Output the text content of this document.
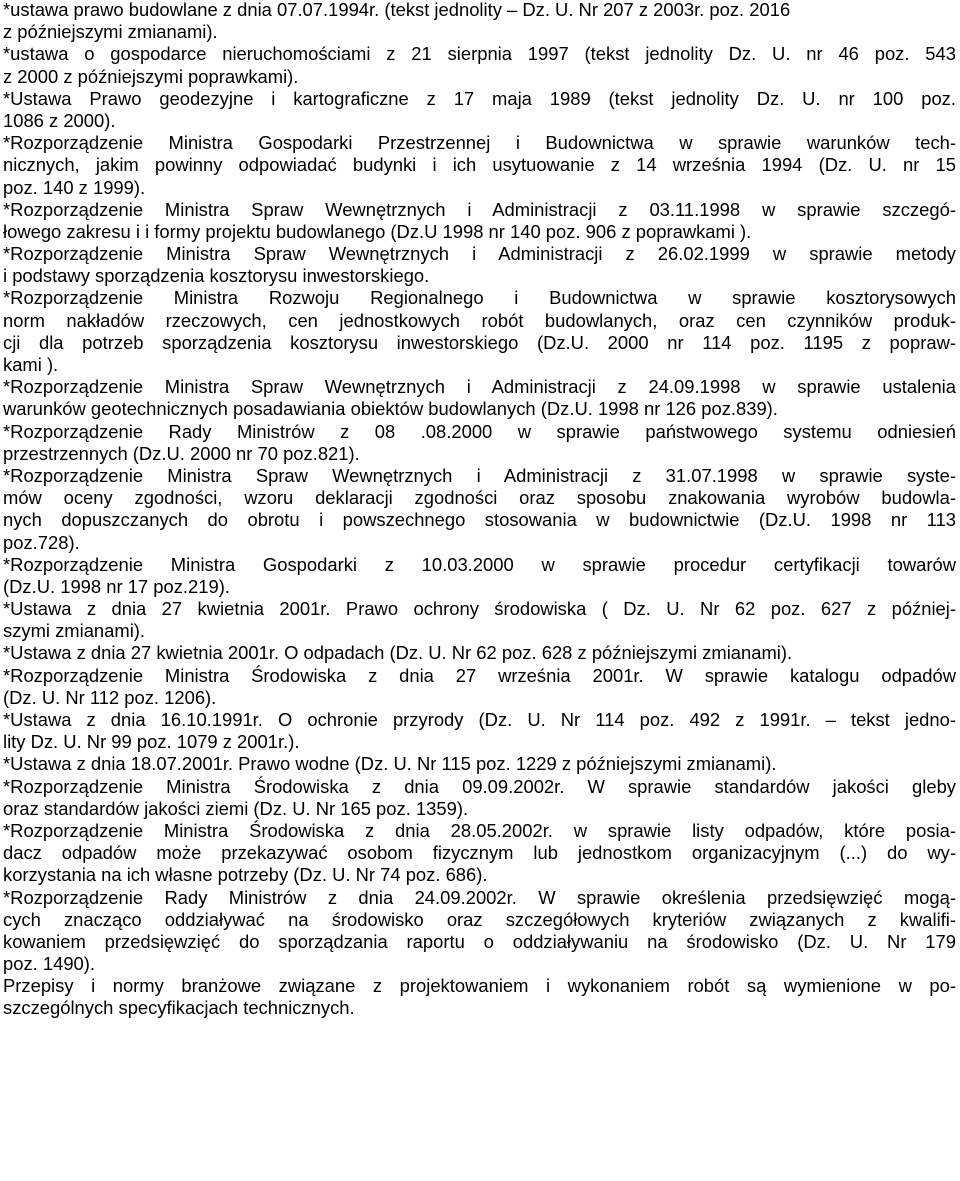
*ustawa prawo budowlane z dnia 07.07.1994r. (tekst jednolity – Dz. U. Nr 207 z 2003r. poz. 2016
z późniejszymi zmianami).
*ustawa o gospodarce nieruchomościami z 21 sierpnia 1997 (tekst jednolity Dz. U. nr 46 poz. 543
z 2000 z późniejszymi poprawkami).
*Ustawa Prawo geodezyjne i kartograficzne z 17 maja 1989 (tekst jednolity Dz. U. nr 100 poz.
1086 z 2000).
*Rozporządzenie Ministra Gospodarki Przestrzennej i Budownictwa w sprawie warunków tech-
nicznych, jakim powinny odpowiadać budynki i ich usytuowanie z 14 września 1994 (Dz. U. nr 15
poz. 140 z 1999).
*Rozporządzenie Ministra Spraw Wewnętrznych i Administracji z 03.11.1998 w sprawie szczegó-
łowego zakresu i i formy projektu budowlanego (Dz.U 1998 nr 140 poz. 906 z poprawkami ).
*Rozporządzenie Ministra Spraw Wewnętrznych i Administracji z 26.02.1999 w sprawie metody
i podstawy sporządzenia kosztorysu inwestorskiego.
*Rozporządzenie Ministra Rozwoju Regionalnego i Budownictwa w sprawie kosztorysowych
norm nakładów rzeczowych, cen jednostkowych robót budowlanych, oraz cen czynników produk-
cji dla potrzeb sporządzenia kosztorysu inwestorskiego (Dz.U. 2000 nr 114 poz. 1195 z popraw-
kami ).
*Rozporządzenie Ministra Spraw Wewnętrznych i Administracji z 24.09.1998 w sprawie ustalenia
warunków geotechnicznych posadawiania obiektów budowlanych (Dz.U. 1998 nr 126 poz.839).
*Rozporządzenie Rady Ministrów z 08 .08.2000 w sprawie państwowego systemu odniesień
przestrzennych (Dz.U. 2000 nr 70 poz.821).
*Rozporządzenie Ministra Spraw Wewnętrznych i Administracji z 31.07.1998 w sprawie syste-
mów oceny zgodności, wzoru deklaracji zgodności oraz sposobu znakowania wyrobów budowla-
nych dopuszczanych do obrotu i powszechnego stosowania w budownictwie (Dz.U. 1998 nr 113
poz.728).
*Rozporządzenie Ministra Gospodarki z 10.03.2000 w sprawie procedur certyfikacji towarów
(Dz.U. 1998 nr 17 poz.219).
*Ustawa z dnia 27 kwietnia 2001r. Prawo ochrony środowiska ( Dz. U. Nr 62 poz. 627 z później-
szymi zmianami).
*Ustawa z dnia 27 kwietnia 2001r. O odpadach (Dz. U. Nr 62 poz. 628 z późniejszymi zmianami).
*Rozporządzenie Ministra Środowiska z dnia 27 września 2001r. W sprawie katalogu odpadów
(Dz. U. Nr 112 poz. 1206).
*Ustawa z dnia 16.10.1991r. O ochronie przyrody (Dz. U. Nr 114 poz. 492 z 1991r. – tekst jedno-
lity Dz. U. Nr 99 poz. 1079 z 2001r.).
*Ustawa z dnia 18.07.2001r. Prawo wodne (Dz. U. Nr 115 poz. 1229 z późniejszymi zmianami).
*Rozporządzenie Ministra Środowiska z dnia 09.09.2002r. W sprawie standardów jakości gleby
oraz standardów jakości ziemi (Dz. U. Nr 165 poz. 1359).
*Rozporządzenie Ministra Środowiska z dnia 28.05.2002r. w sprawie listy odpadów, które posia-
dacz odpadów może przekazywać osobom fizycznym lub jednostkom organizacyjnym (...) do wy-
korzystania na ich własne potrzeby (Dz. U. Nr 74 poz. 686).
*Rozporządzenie Rady Ministrów z dnia 24.09.2002r. W sprawie określenia przedsięwzięć mogą-
cych znacząco oddziaływać na środowisko oraz szczegółowych kryteriów związanych z kwalifi-
kowaniem przedsięwzięć do sporządzania raportu o oddziaływaniu na środowisko (Dz. U. Nr 179
poz. 1490).
Przepisy i normy branżowe związane z projektowaniem i wykonaniem robót są wymienione w po-
szczególnych specyfikacjach technicznych.
